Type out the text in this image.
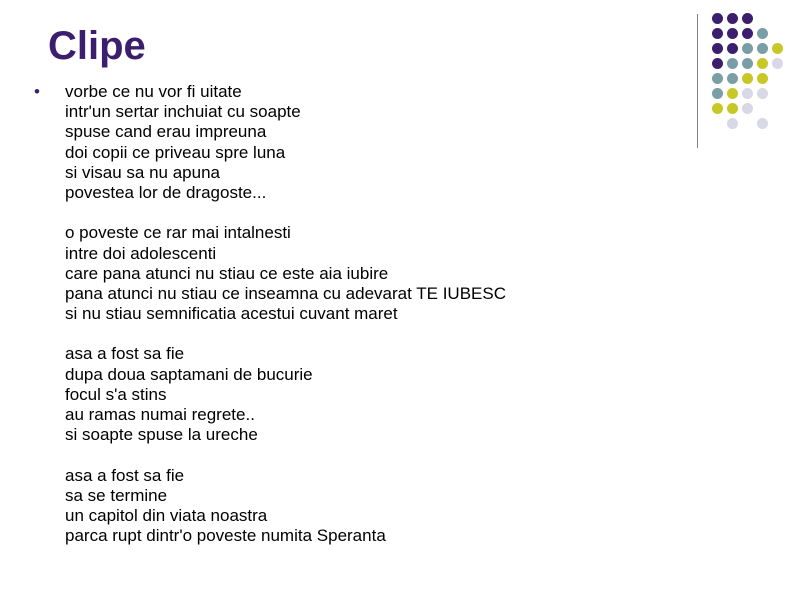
Clipe
• vorbe ce nu vor fi uitate
intr'un sertar inchuiat cu soapte
spuse cand erau impreuna
doi copii ce priveau spre luna
si visau sa nu apuna
povestea lor de dragoste...
o poveste ce rar mai intalnesti
intre doi adolescenti
care pana atunci nu stiau ce este aia iubire
pana atunci nu stiau ce inseamna cu adevarat TE IUBESC
si nu stiau semnificatia acestui cuvant maret
asa a fost sa fie
dupa doua saptamani de bucurie
focul s'a stins
au ramas numai regrete..
si soapte spuse la ureche
asa a fost sa fie
sa se termine
un capitol din viata noastra
parca rupt dintr'o poveste numita Speranta
